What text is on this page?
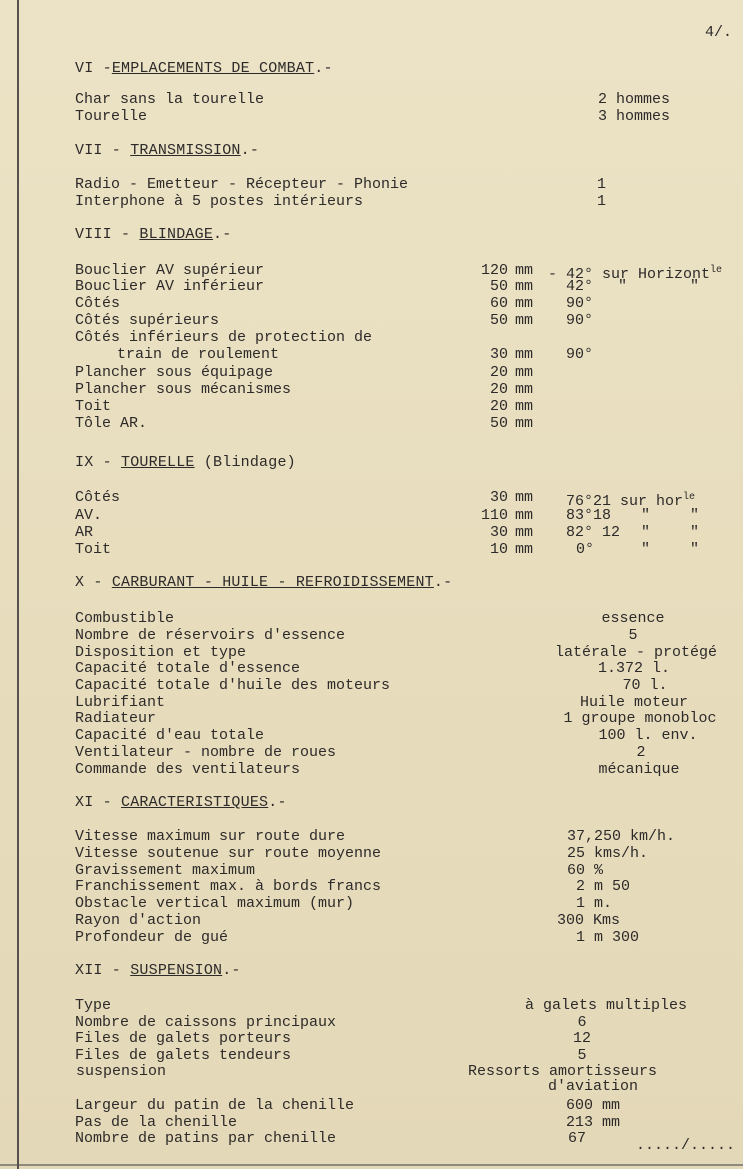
4/.
VI -EMPLACEMENTS DE COMBAT.-
Char sans la tourelle	2 hommes
Tourelle	3 hommes
VII - TRANSMISSION.-
Radio - Emetteur - Récepteur - Phonie	1
Interphone à 5 postes intérieurs	1
VIII - BLINDAGE.-
Bouclier AV supérieur	120 mm - 42° sur Horizont$^{le}$
Bouclier AV inférieur	50 mm 42° "	"
Côtés	60 mm 90°
Côtés supérieurs	50 mm 90°
Côtés inférieurs de protection de
train de roulement	30 mm 90°
Plancher sous équipage	20 mm
Plancher sous mécanismes	20 mm
Toit	20 mm
Tôle AR.	50 mm
IX - TOURELLE (Blindage)
Côtés	30 mm 76°21 sur hor$^{le}$
AV.	110 mm 83°18 "	"
AR	30 mm 82° 12 "	"
Toit	10 mm	0°	"	"
X - CARBURANT - HUILE - REFROIDISSEMENT.-
Combustible	essence
Nombre de réservoirs d'essence	5
Disposition et type	latérale - protégé
Capacité totale d'essence	1.372 l.
Capacité totale d'huile des moteurs	70 l.
Lubrifiant	Huile moteur
Radiateur	1 groupe monobloc
Capacité d'eau totale	100 l. env.
Ventilateur - nombre de roues	2
Commande des ventilateurs	mécanique
XI - CARACTERISTIQUES.-
Vitesse maximum sur route dure	37,250 km/h.
Vitesse soutenue sur route moyenne	25 kms/h.
Gravissement maximum	60 %
Franchissement max. à bords francs	2 m 50
Obstacle vertical maximum (mur)	1 m.
Rayon d'action	300 Kms
Profondeur de gué	1 m 300
XII - SUSPENSION.-
Type	à galets multiples
Nombre de caissons principaux	6
Files de galets porteurs	12
Files de galets tendeurs	5
suspension	Ressorts amortisseurs
d'aviation
Largeur du patin de la chenille	600 mm
Pas de la chenille	213 mm
Nombre de patins par chenille	67	...../.....
